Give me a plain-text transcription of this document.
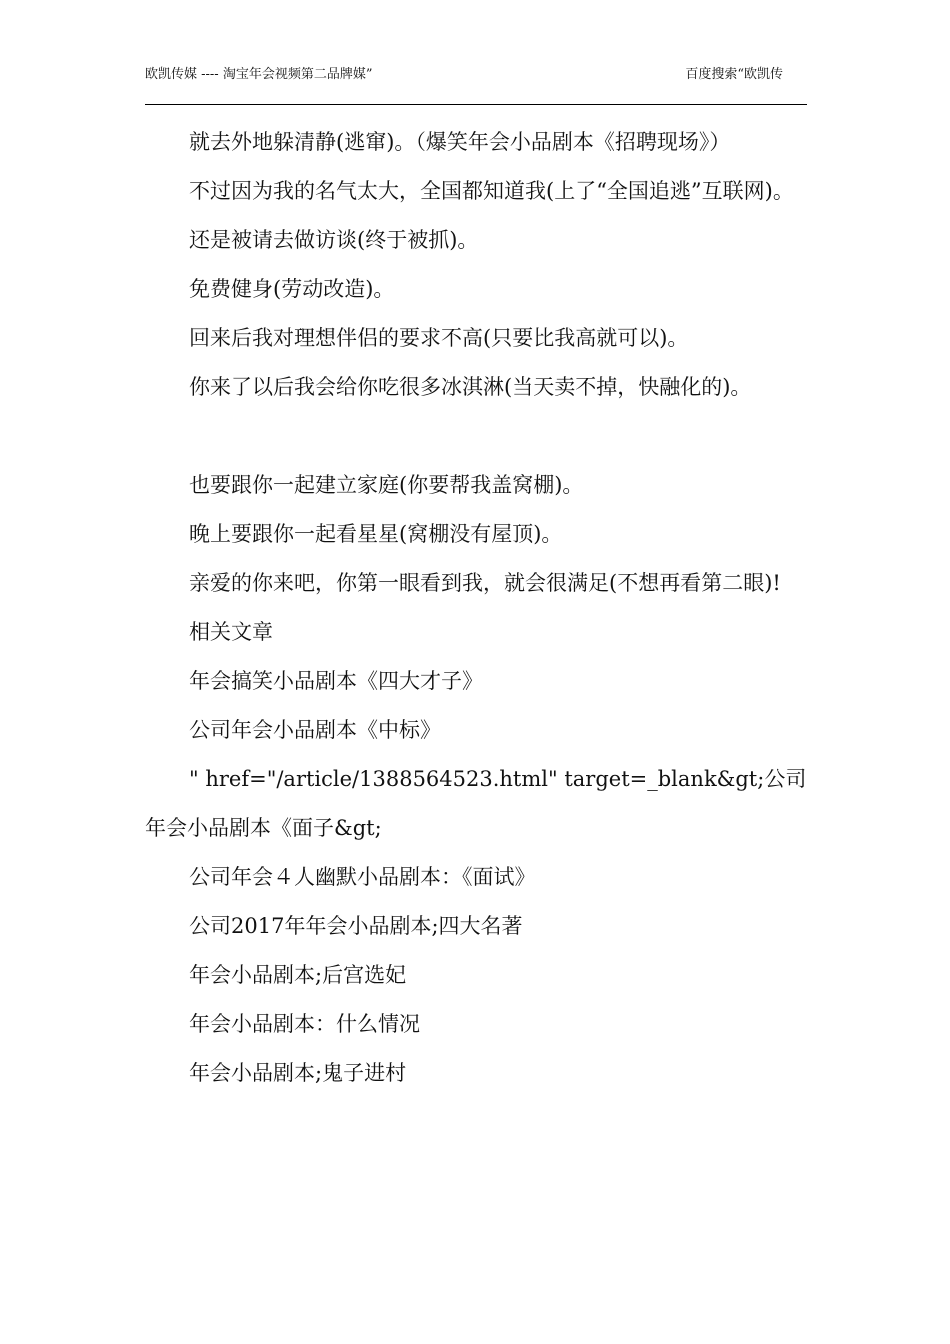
欧凯传媒 ---- 淘宝年会视频第二品牌媒”	百度搜索“欧凯传

就去外地躲清静(逃窜)。（爆笑年会小品剧本《招聘现场》）

不过因为我的名气太大，全国都知道我(上了“全国追逃”互联网)。

还是被请去做访谈(终于被抓)。

免费健身(劳动改造)。

回来后我对理想伴侣的要求不高(只要比我高就可以)。

你来了以后我会给你吃很多冰淇淋(当天卖不掉，快融化的)。

也要跟你一起建立家庭(你要帮我盖窝棚)。

晚上要跟你一起看星星(窝棚没有屋顶)。

亲爱的你来吧，你第一眼看到我，就会很满足(不想再看第二眼)!

相关文章

年会搞笑小品剧本《四大才子》

公司年会小品剧本《中标》

" href="/article/1388564523.html" target=_blank&gt;公司年会小品剧本《面子&gt;

公司年会４人幽默小品剧本：《面试》

公司2017年年会小品剧本;四大名著

年会小品剧本;后宫选妃

年会小品剧本：什么情况

年会小品剧本;鬼子进村
